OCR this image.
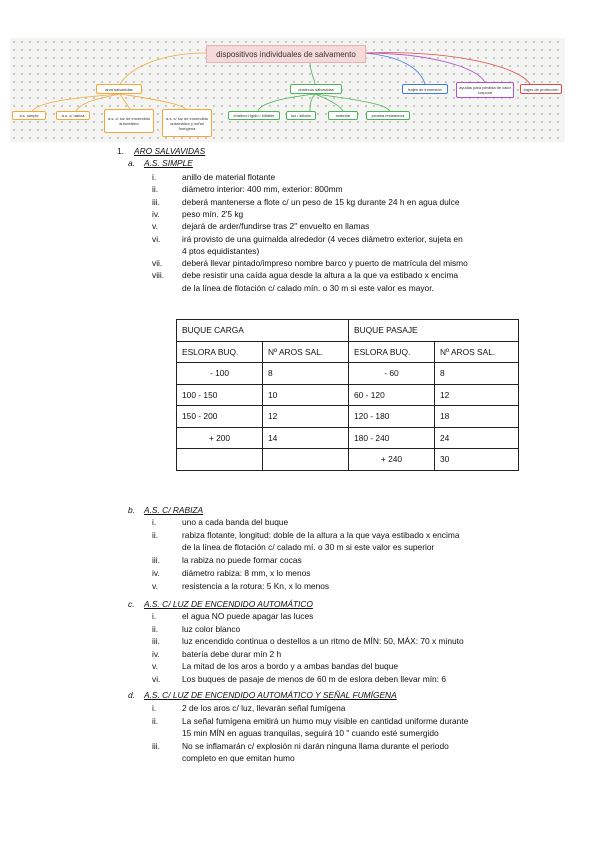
dispositivos individuales de salvamento
aros salvavidas
a.s. simple	a.s. c/ rabiza
a.s. c/ luz de encendido automático
a.s. c/ luz de encendido automático y señal fumígena
chalecos salvavidas
chaleco rígido / inflable	luz / silbato	material	prueba resistencia
trajes de inmersión	ayudas para pérdida de calor corporal
trajes de protección
1. ARO SALVAVIDAS
a. A.S. SIMPLE
i.	anillo de material flotante
ii.	diámetro interior: 400 mm, exterior: 800mm
iii.	deberá mantenerse a flote c/ un peso de 15 kg durante 24 h en agua dulce
iv.	peso mín. 2'5 kg
v.	dejará de arder/fundirse tras 2" envuelto en llamas
vi.	irá provisto de una guirnalda alrededor (4 veces diámetro exterior, sujeta en
4 ptos equidistantes)
vii. deberá llevar pintado/impreso nombre barco y puerto de matrícula del mismo
viii. debe resistir una caída agua desde la altura a la que va estibado x encima
de la línea de flotación c/ calado mín. o 30 m si este valor es mayor.
BUQUE CARGA		BUQUE PASAJE	
ESLORA BUQ.	Nº AROS SAL.	ESLORA BUQ.	Nº AROS SAL.
- 100	8	- 60	8
100 - 150	10	60 - 120	12
150 - 200	12	120 - 180	18
+ 200	14	180 - 240	24
		+ 240	30
b. A.S. C/ RABIZA
i.	uno a cada banda del buque
ii.	rabiza flotante, longitud: doble de la altura a la que vaya estibado x encima
de la línea de flotación c/ calado mí. o 30 m si este valor es superior
iii.	la rabiza no puede formar cocas
iv.	diámetro rabiza: 8 mm, x lo menos
v.	resistencia a la rotura: 5 Kn, x lo menos
c. A.S. C/ LUZ DE ENCENDIDO AUTOMÁTICO
i.	el agua NO puede apagar las luces
ii.	luz color blanco
iii.	luz encendido continua o destellos a un ritmo de MÍN: 50, MÁX: 70 x minuto
iv.	batería debe durar mín 2 h
v.	La mitad de los aros a bordo y a ambas bandas del buque
vi.	Los buques de pasaje de menos de 60 m de eslora deben llevar mín: 6
d. A.S. C/ LUZ DE ENCENDIDO AUTOMÁTICO Y SEÑAL FUMÍGENA
i.	2 de los aros c/ luz, llevarán señal fumígena
ii.	La señal fumígena emitirá un humo muy visible en cantidad uniforme durante
15 min MÍN en aguas tranquilas, seguirá 10 " cuando esté sumergido
iii.	No se inflamarán c/ explosión ni darán ninguna llama durante el periodo
completo en que emitan humo
